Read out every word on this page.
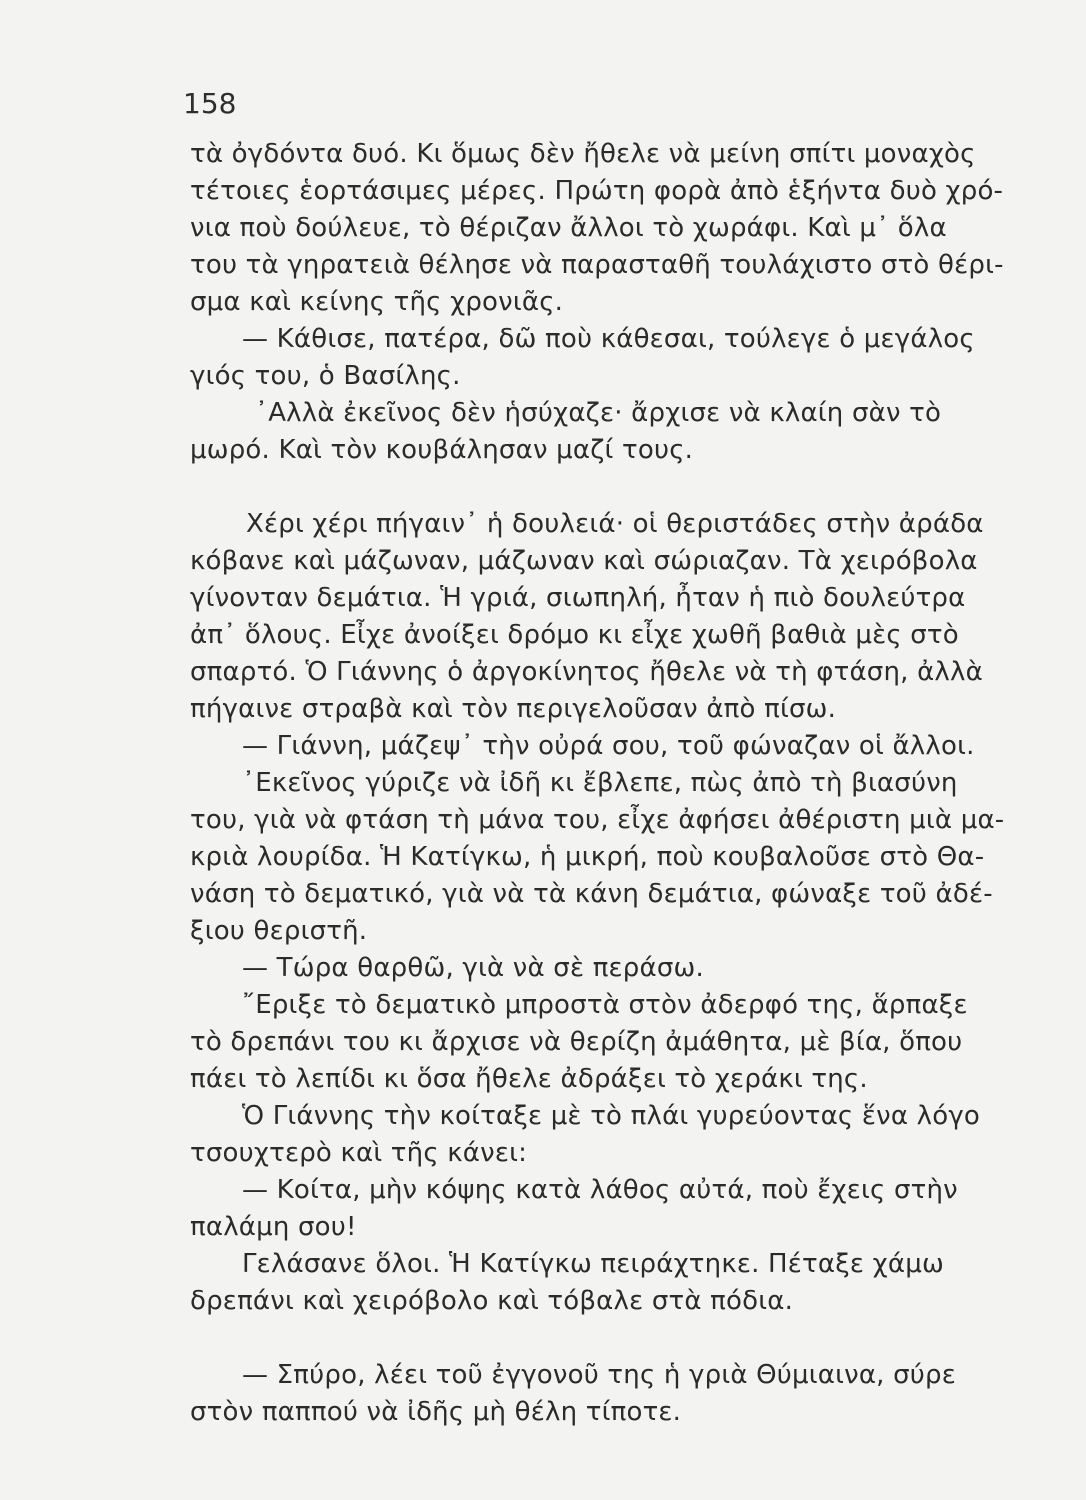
158
τὰ ὀγδόντα δυό. Κι ὅμως δὲν ἤθελε νὰ μείνη σπίτι μοναχὸς
τέτοιες ἑορτάσιμες μέρες. Πρώτη φορὰ ἀπὸ ἑξήντα δυὸ χρό-
νια ποὺ δούλευε, τὸ θέριζαν ἄλλοι τὸ χωράφι. Καὶ μ᾽ ὅλα
του τὰ γηρατειὰ θέλησε νὰ παρασταθῆ τουλάχιστο στὸ θέρι-
σμα καὶ κείνης τῆς χρονιᾶς.
— Κάθισε, πατέρα, δῶ ποὺ κάθεσαι, τούλεγε ὁ μεγάλος
γιός του, ὁ Βασίλης.
᾽Αλλὰ ἐκεῖνος δὲν ἡσύχαζε· ἄρχισε νὰ κλαίη σὰν τὸ
μωρό. Καὶ τὸν κουβάλησαν μαζί τους.
Χέρι χέρι πήγαιν᾽ ἡ δουλειά· οἱ θεριστάδες στὴν ἀράδα
κόβανε καὶ μάζωναν, μάζωναν καὶ σώριαζαν. Τὰ χειρόβολα
γίνονταν δεμάτια. Ἡ γριά, σιωπηλή, ἦταν ἡ πιὸ δουλεύτρα
ἀπ᾽ ὅλους. Εἶχε ἀνοίξει δρόμο κι εἶχε χωθῆ βαθιὰ μὲς στὸ
σπαρτό. Ὁ Γιάννης ὁ ἀργοκίνητος ἤθελε νὰ τὴ φτάση, ἀλλὰ
πήγαινε στραβὰ καὶ τὸν περιγελοῦσαν ἀπὸ πίσω.
— Γιάννη, μάζεψ᾽ τὴν οὐρά σου, τοῦ φώναζαν οἱ ἄλλοι.
᾽Εκεῖνος γύριζε νὰ ἰδῆ κι ἔβλεπε, πὼς ἀπὸ τὴ βιασύνη
του, γιὰ νὰ φτάση τὴ μάνα του, εἶχε ἀφήσει ἀθέριστη μιὰ μα-
κριὰ λουρίδα. Ἡ Κατίγκω, ἡ μικρή, ποὺ κουβαλοῦσε στὸ Θα-
νάση τὸ δεματικό, γιὰ νὰ τὰ κάνη δεμάτια, φώναξε τοῦ ἀδέ-
ξιου θεριστῆ.
— Τώρα θαρθῶ, γιὰ νὰ σὲ περάσω.
῎Εριξε τὸ δεματικὸ μπροστὰ στὸν ἀδερφό της, ἅρπαξε
τὸ δρεπάνι του κι ἄρχισε νὰ θερίζη ἀμάθητα, μὲ βία, ὅπου
πάει τὸ λεπίδι κι ὅσα ἤθελε ἀδράξει τὸ χεράκι της.
Ὁ Γιάννης τὴν κοίταξε μὲ τὸ πλάι γυρεύοντας ἕνα λόγο
τσουχτερὸ καὶ τῆς κάνει:
— Κοίτα, μὴν κόψης κατὰ λάθος αὐτά, ποὺ ἔχεις στὴν
παλάμη σου!
Γελάσανε ὅλοι. Ἡ Κατίγκω πειράχτηκε. Πέταξε χάμω
δρεπάνι καὶ χειρόβολο καὶ τόβαλε στὰ πόδια.
— Σπύρο, λέει τοῦ ἐγγονοῦ της ἡ γριὰ Θύμιαινα, σύρε
στὸν παππού νὰ ἰδῆς μὴ θέλη τίποτε.
